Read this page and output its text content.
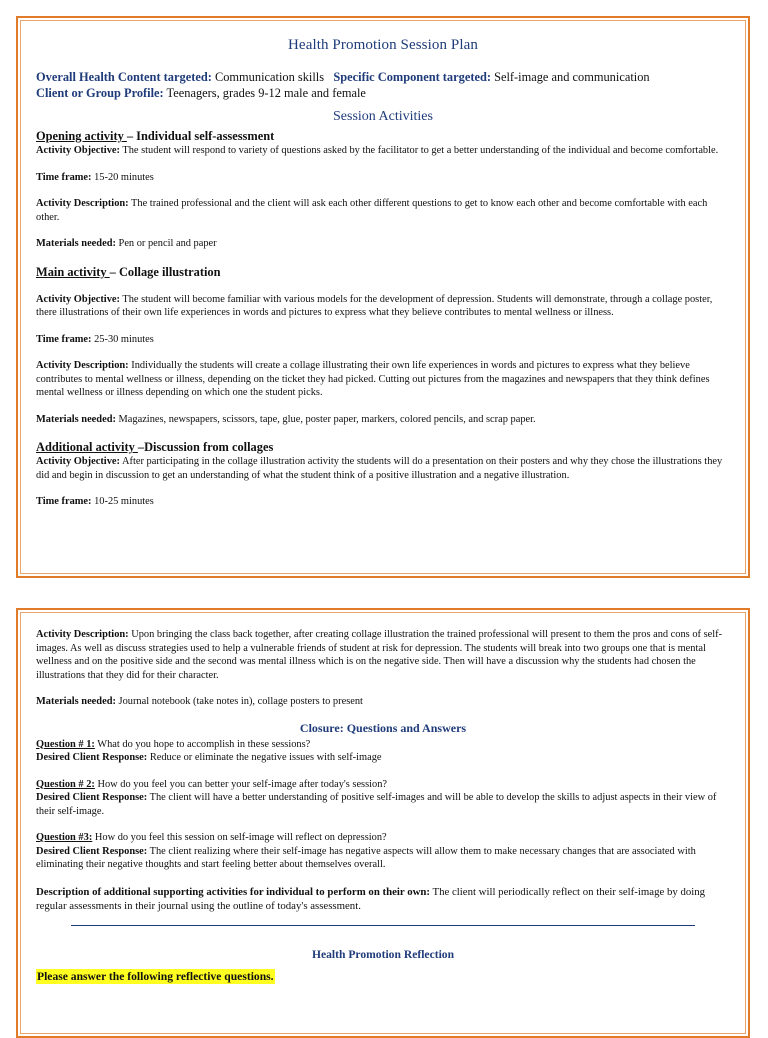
Health Promotion Session Plan

Overall Health Content targeted: Communication skills Specific Component targeted: Self-image and communication

Client or Group Profile: Teenagers, grades 9-12 male and female

Session Activities
Opening activity – Individual self-assessment

Activity Objective: The student will respond to variety of questions asked by the facilitator to get a better understanding of the individual and become comfortable.

Time frame: 15-20 minutes

Activity Description: The trained professional and the client will ask each other different questions to get to know each other and become comfortable with each other.

Materials needed: Pen or pencil and paper

Main activity – Collage illustration

Activity Objective: The student will become familiar with various models for the development of depression. Students will demonstrate, through a collage poster, there illustrations of their own life experiences in words and pictures to express what they believe contributes to mental wellness or illness.

Time frame: 25-30 minutes

Activity Description: Individually the students will create a collage illustrating their own life experiences in words and pictures to express what they believe contributes to mental wellness or illness, depending on the ticket they had picked. Cutting out pictures from the magazines and newspapers that they think defines mental wellness or illness depending on which one the student picks.

Materials needed: Magazines, newspapers, scissors, tape, glue, poster paper, markers, colored pencils, and scrap paper.

Additional activity –Discussion from collages

Activity Objective: After participating in the collage illustration activity the students will do a presentation on their posters and why they chose the illustrations they did and begin in discussion to get an understanding of what the student think of a positive illustration and a negative illustration.

Time frame: 10-25 minutes

Activity Description: Upon bringing the class back together, after creating collage illustration the trained professional will present to them the pros and cons of self-images. As well as discuss strategies used to help a vulnerable friends of student at risk for depression. The students will break into two groups one that is mental wellness and on the positive side and the second was mental illness which is on the negative side. Then will have a discussion why the students had chosen the illustrations that they did for their character.

Materials needed: Journal notebook (take notes in), collage posters to present

Closure: Questions and Answers

Question # 1: What do you hope to accomplish in these sessions?

Desired Client Response: Reduce or eliminate the negative issues with self-image

Question # 2: How do you feel you can better your self-image after today's session?

Desired Client Response: The client will have a better understanding of positive self-images and will be able to develop the skills to adjust aspects in their view of their self-image.

Question #3: How do you feel this session on self-image will reflect on depression?

Desired Client Response: The client realizing where their self-image has negative aspects will allow them to make necessary changes that are associated with eliminating their negative thoughts and start feeling better about themselves overall.

Description of additional supporting activities for individual to perform on their own: The client will periodically reflect on their self-image by doing regular assessments in their journal using the outline of today's assessment.

Health Promotion Reflection
Please answer the following reflective questions.
